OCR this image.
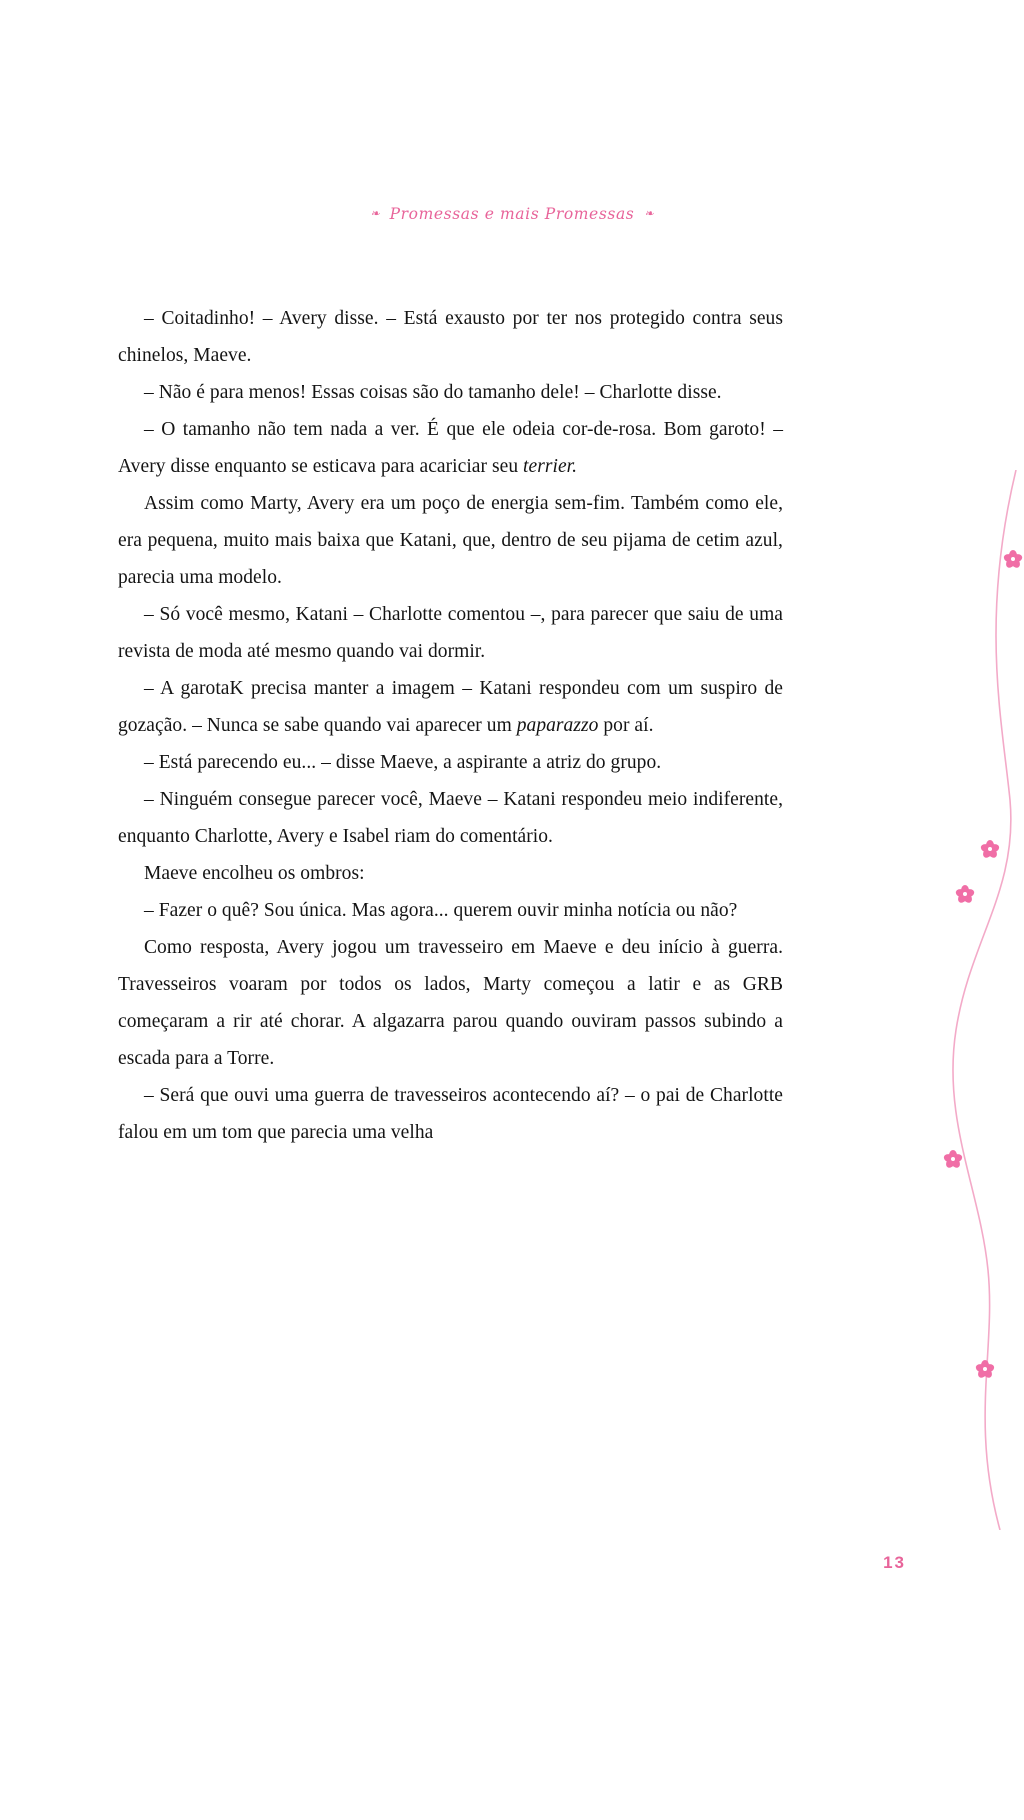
❧ Promessas e mais Promessas ❧

– Coitadinho! – Avery disse. – Está exausto por ter nos protegido contra seus chinelos, Maeve.

– Não é para menos! Essas coisas são do tamanho dele! – Charlotte disse.

– O tamanho não tem nada a ver. É que ele odeia cor-de-rosa. Bom garoto! – Avery disse enquanto se esticava para acariciar seu terrier.

Assim como Marty, Avery era um poço de energia sem-fim. Também como ele, era pequena, muito mais baixa que Katani, que, dentro de seu pijama de cetim azul, parecia uma modelo.

– Só você mesmo, Katani – Charlotte comentou –, para parecer que saiu de uma revista de moda até mesmo quando vai dormir.

– A garotaK precisa manter a imagem – Katani respondeu com um suspiro de gozação. – Nunca se sabe quando vai aparecer um paparazzo por aí.

– Está parecendo eu... – disse Maeve, a aspirante a atriz do grupo.

– Ninguém consegue parecer você, Maeve – Katani respondeu meio indiferente, enquanto Charlotte, Avery e Isabel riam do comentário.

Maeve encolheu os ombros:

– Fazer o quê? Sou única. Mas agora... querem ouvir minha notícia ou não?

Como resposta, Avery jogou um travesseiro em Maeve e deu início à guerra. Travesseiros voaram por todos os lados, Marty começou a latir e as GRB começaram a rir até chorar. A algazarra parou quando ouviram passos subindo a escada para a Torre.

– Será que ouvi uma guerra de travesseiros acontecendo aí? – o pai de Charlotte falou em um tom que parecia uma velha

13
